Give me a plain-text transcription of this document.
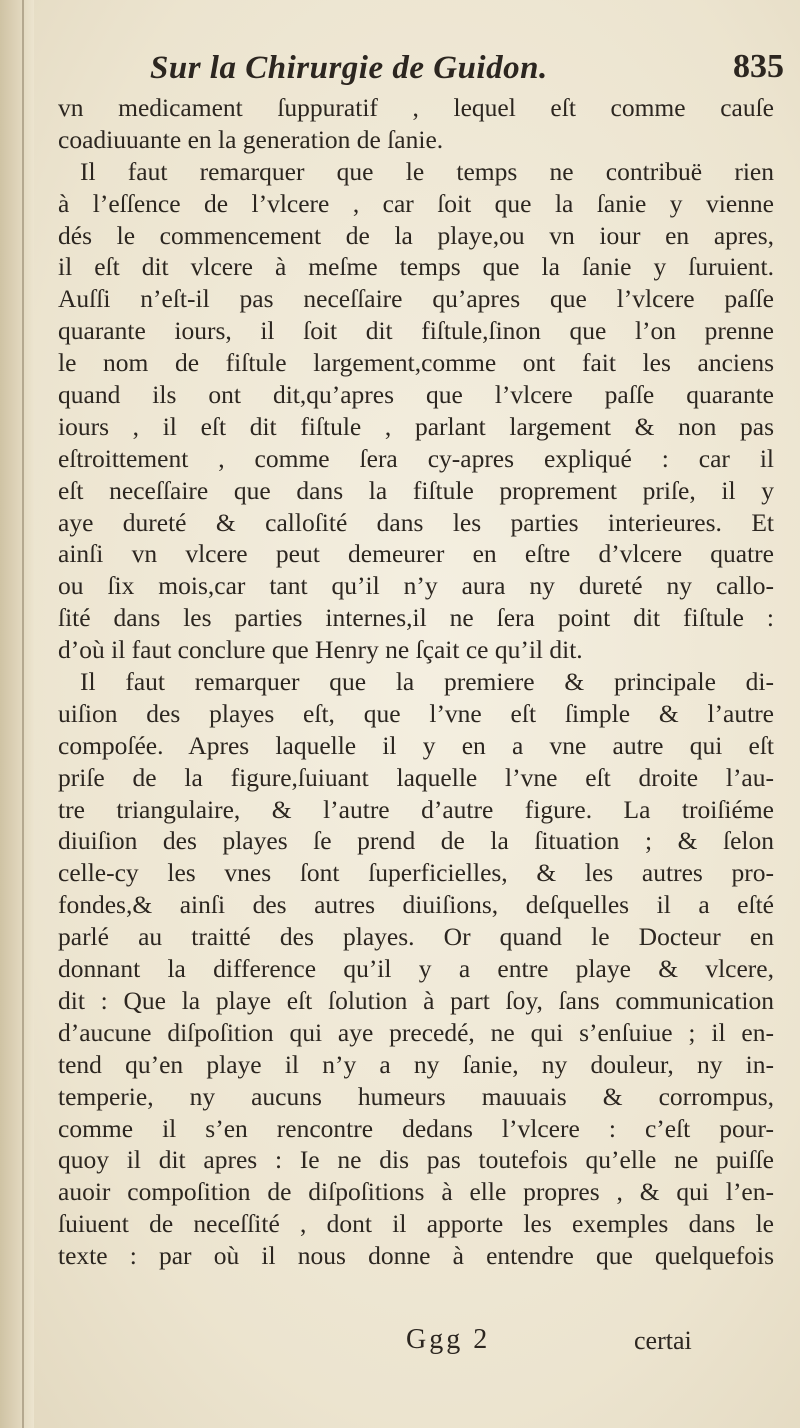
Sur la Chirurgie de Guidon.	835
vn medicament ſuppuratif , lequel eſt comme cauſe
coadiuuante en la generation de ſanie.
Il faut remarquer que le temps ne contribuë rien
à l’eſſence de l’vlcere , car ſoit que la ſanie y vienne
dés le commencement de la playe,ou vn iour en apres,
il eſt dit vlcere à meſme temps que la ſanie y ſuruient.
Auſſi n’eſt-il pas neceſſaire qu’apres que l’vlcere paſſe
quarante iours, il ſoit dit fiſtule,ſinon que l’on prenne
le nom de fiſtule largement,comme ont fait les anciens
quand ils ont dit,qu’apres que l’vlcere paſſe quarante
iours , il eſt dit fiſtule , parlant largement & non pas
eſtroittement , comme ſera cy-apres expliqué : car il
eſt neceſſaire que dans la fiſtule proprement priſe, il y
aye dureté & calloſité dans les parties interieures. Et
ainſi vn vlcere peut demeurer en eſtre d’vlcere quatre
ou ſix mois,car tant qu’il n’y aura ny dureté ny callo-
ſité dans les parties internes,il ne ſera point dit fiſtule :
d’où il faut conclure que Henry ne ſçait ce qu’il dit.
Il faut remarquer que la premiere & principale di-
uiſion des playes eſt, que l’vne eſt ſimple & l’autre
compoſée. Apres laquelle il y en a vne autre qui eſt
priſe de la figure,ſuiuant laquelle l’vne eſt droite l’au-
tre triangulaire, & l’autre d’autre figure. La troiſiéme
diuiſion des playes ſe prend de la ſituation ; & ſelon
celle-cy les vnes ſont ſuperficielles, & les autres pro-
fondes,& ainſi des autres diuiſions, deſquelles il a eſté
parlé au traitté des playes. Or quand le Docteur en
donnant la difference qu’il y a entre playe & vlcere,
dit : Que la playe eſt ſolution à part ſoy, ſans communication
d’aucune diſpoſition qui aye precedé, ne qui s’enſuiue ; il en-
tend qu’en playe il n’y a ny ſanie, ny douleur, ny in-
temperie, ny aucuns humeurs mauuais & corrompus,
comme il s’en rencontre dedans l’vlcere : c’eſt pour-
quoy il dit apres : Ie ne dis pas toutefois qu’elle ne puiſſe
auoir compoſition de diſpoſitions à elle propres , & qui l’en-
ſuiuent de neceſſité , dont il apporte les exemples dans le
texte : par où il nous donne à entendre que quelquefois
Ggg 2	certai
